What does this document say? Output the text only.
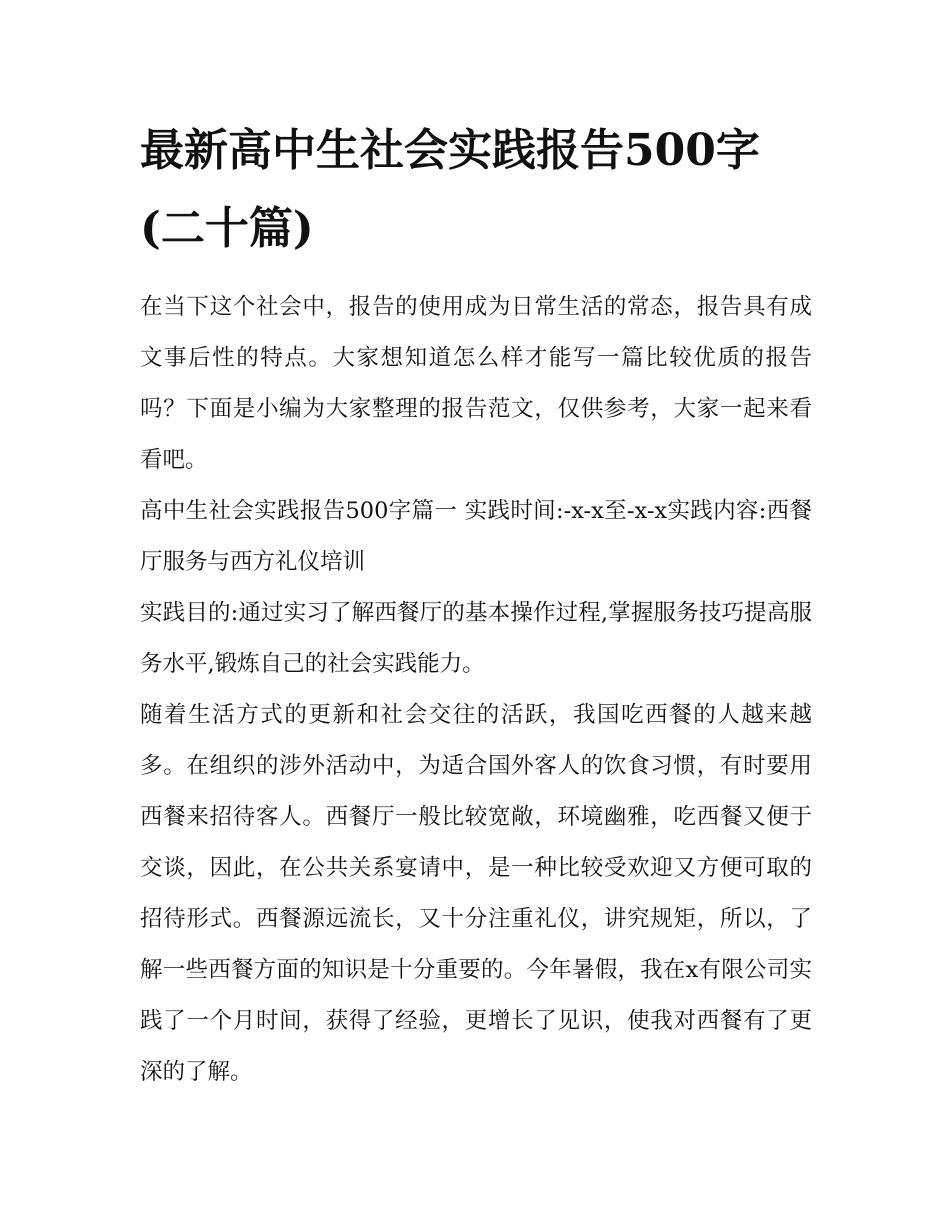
最新高中生社会实践报告500字(二十篇)

在当下这个社会中，报告的使用成为日常生活的常态，报告具有成文事后性的特点。大家想知道怎么样才能写一篇比较优质的报告吗？下面是小编为大家整理的报告范文，仅供参考，大家一起来看看吧。

高中生社会实践报告500字篇一 实践时间:-x-x至-x-x实践内容:西餐厅服务与西方礼仪培训

实践目的:通过实习了解西餐厅的基本操作过程,掌握服务技巧提高服务水平,锻炼自己的社会实践能力。

随着生活方式的更新和社会交往的活跃，我国吃西餐的人越来越多。在组织的涉外活动中，为适合国外客人的饮食习惯，有时要用西餐来招待客人。西餐厅一般比较宽敞，环境幽雅，吃西餐又便于交谈，因此，在公共关系宴请中，是一种比较受欢迎又方便可取的招待形式。西餐源远流长，又十分注重礼仪，讲究规矩，所以，了解一些西餐方面的知识是十分重要的。今年暑假，我在x有限公司实践了一个月时间，获得了经验，更增长了见识，使我对西餐有了更深的了解。
